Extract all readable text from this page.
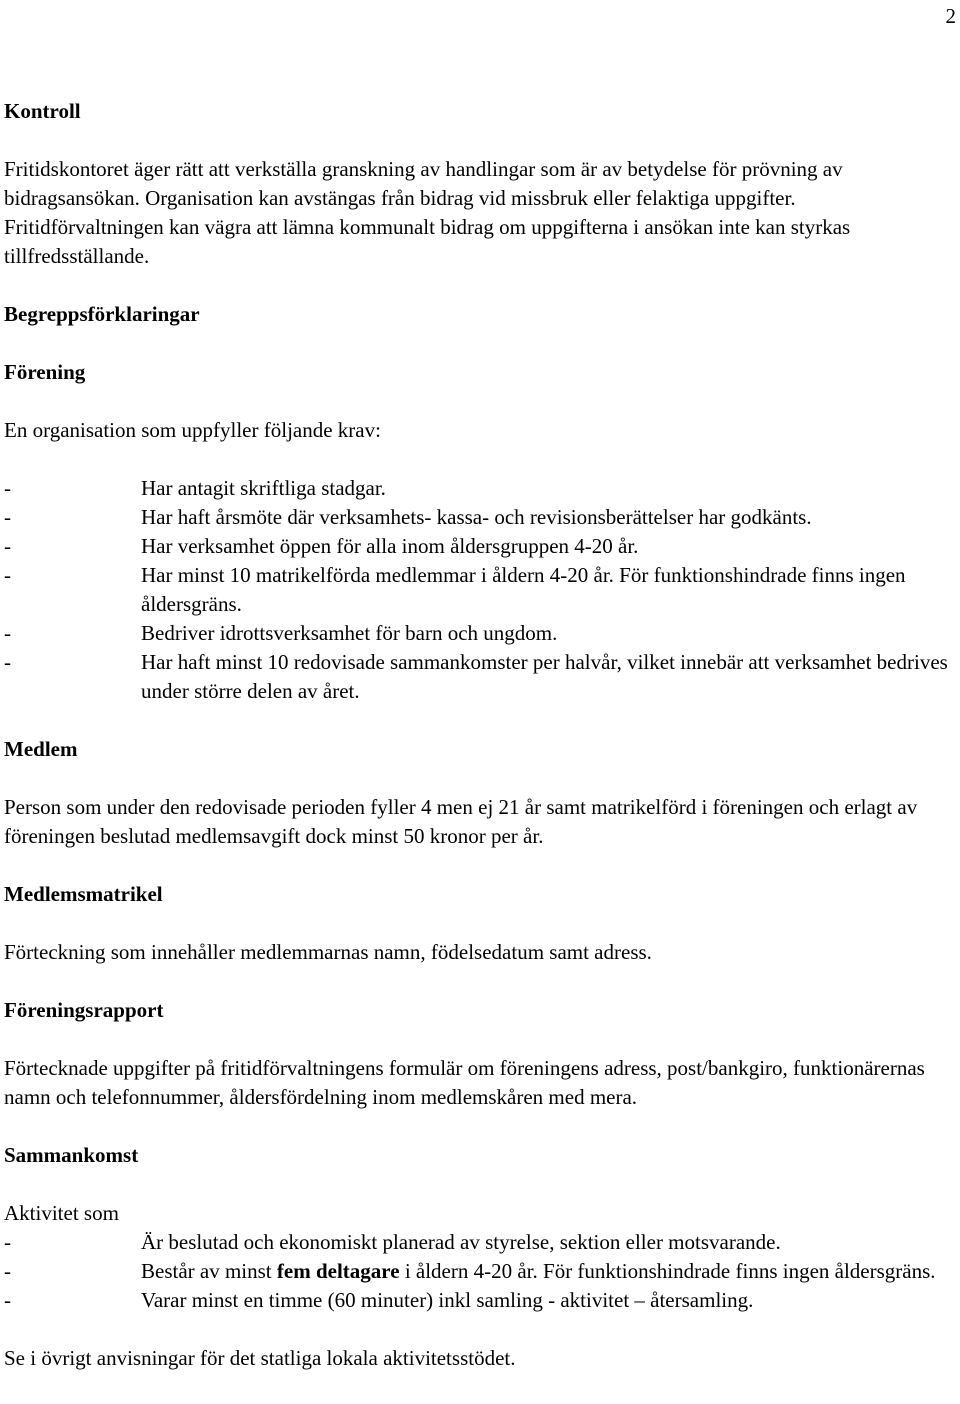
2
Kontroll

Fritidskontoret äger rätt att verkställa granskning av handlingar som är av betydelse för prövning av bidragsansökan. Organisation kan avstängas från bidrag vid missbruk eller felaktiga uppgifter. Fritidförvaltningen kan vägra att lämna kommunalt bidrag om uppgifterna i ansökan inte kan styrkas tillfredsställande.

Begreppsförklaringar
Förening

En organisation som uppfyller följande krav:

-	Har antagit skriftliga stadgar.
-	Har haft årsmöte där verksamhets- kassa- och revisionsberättelser har godkänts.
-	Har verksamhet öppen för alla inom åldersgruppen 4-20 år.
-	Har minst 10 matrikelförda medlemmar i åldern 4-20 år. För funktionshindrade finns ingen åldersgräns.
-	Bedriver idrottsverksamhet för barn och ungdom.
-	Har haft minst 10 redovisade sammankomster per halvår, vilket innebär att verksamhet bedrives under större delen av året.
Medlem

Person som under den redovisade perioden fyller 4 men ej 21 år samt matrikelförd i föreningen och erlagt av föreningen beslutad medlemsavgift dock minst 50 kronor per år.

Medlemsmatrikel

Förteckning som innehåller medlemmarnas namn, födelsedatum samt adress.

Föreningsrapport

Förtecknade uppgifter på fritidförvaltningens formulär om föreningens adress, post/bankgiro, funktionärernas namn och telefonnummer, åldersfördelning inom medlemskåren med mera.

Sammankomst

Aktivitet som

-	Är beslutad och ekonomiskt planerad av styrelse, sektion eller motsvarande.
-	Består av minst fem deltagare i åldern 4-20 år. För funktionshindrade finns ingen åldersgräns.
-	Varar minst en timme (60 minuter) inkl samling - aktivitet – återsamling.

Se i övrigt anvisningar för det statliga lokala aktivitetsstödet.
